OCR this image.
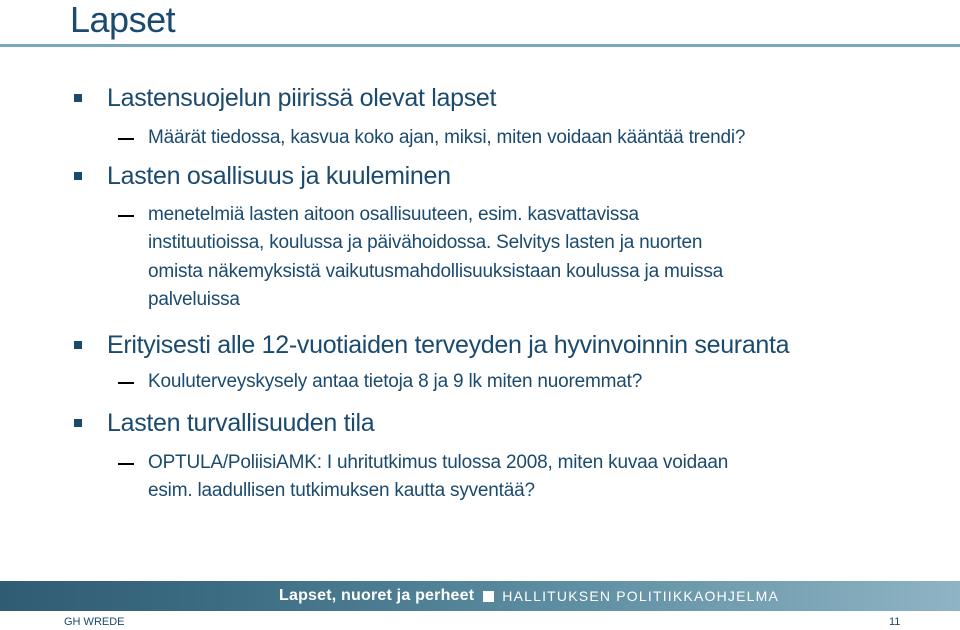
Lapset
Lastensuojelun piirissä olevat lapset
Määrät tiedossa, kasvua koko ajan, miksi, miten voidaan kääntää trendi?
Lasten osallisuus ja kuuleminen
menetelmiä lasten aitoon osallisuuteen, esim. kasvattavissa
instituutioissa, koulussa ja päivähoidossa. Selvitys lasten ja nuorten
omista näkemyksistä vaikutusmahdollisuuksistaan koulussa ja muissa
palveluissa
Erityisesti alle 12-vuotiaiden terveyden ja hyvinvoinnin seuranta
Kouluterveyskysely antaa tietoja 8 ja 9 lk miten nuoremmat?
Lasten turvallisuuden tila
OPTULA/PoliisiAMK: I uhritutkimus tulossa 2008, miten kuvaa voidaan
esim. laadullisen tutkimuksen kautta syventää?
Lapset, nuoret ja perheet HALLITUKSEN POLITIIKKAOHJELMA
GH WREDE	11
